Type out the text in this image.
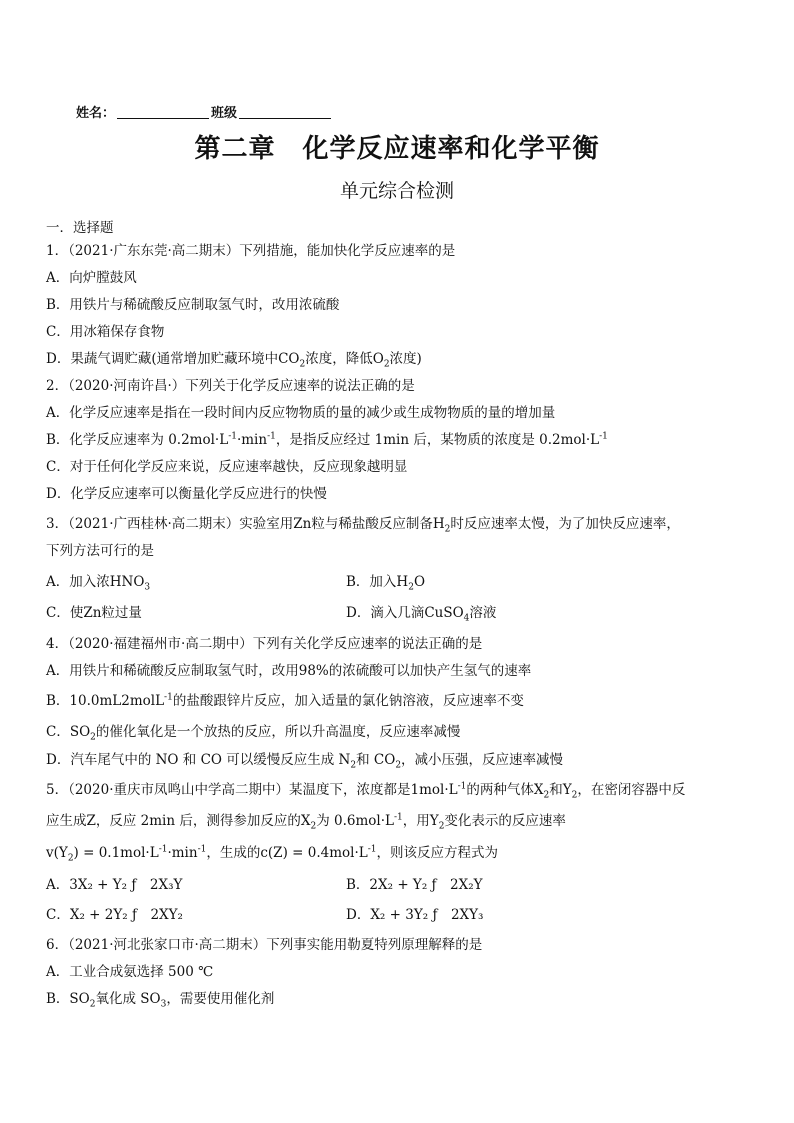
姓名：	班级
第二章　化学反应速率和化学平衡
单元综合检测
一．选择题
1．（2021·广东东莞·高二期末）下列措施，能加快化学反应速率的是
A．向炉膛鼓风
B．用铁片与稀硫酸反应制取氢气时，改用浓硫酸
C．用冰箱保存食物
D．果蔬气调贮藏(通常增加贮藏环境中$CO_2$浓度，降低$O_2$浓度)
2．（2020·河南许昌·）下列关于化学反应速率的说法正确的是
A．化学反应速率是指在一段时间内反应物物质的量的减少或生成物物质的量的增加量
B．化学反应速率为 $0.2mol\cdot L^{-1}\cdot\min^{-1}$，是指反应经过 1min 后，某物质的浓度是 $0.2mol\cdot L^{-1}$
C．对于任何化学反应来说，反应速率越快，反应现象越明显
D．化学反应速率可以衡量化学反应进行的快慢
3．（2021·广西桂林·高二期末）实验室用Zn粒与稀盐酸反应制备$H_2$时反应速率太慢，为了加快反应速率，
下列方法可行的是
A．加入浓$HNO_3$	B．加入$H_2O$
C．使Zn粒过量	D．滴入几滴CuSO$_4$溶液
4．（2020·福建福州市·高二期中）下列有关化学反应速率的说法正确的是
A．用铁片和稀硫酸反应制取氢气时，改用98%的浓硫酸可以加快产生氢气的速率
B．10.0mL2molL$^{-1}$的盐酸跟锌片反应，加入适量的氯化钠溶液，反应速率不变
C．$SO_2$的催化氧化是一个放热的反应，所以升高温度，反应速率减慢
D．汽车尾气中的 NO 和 CO 可以缓慢反应生成 $N_2$和 $CO_2$，减小压强，反应速率减慢
5．（2020·重庆市凤鸣山中学高二期中）某温度下，浓度都是$1mol\cdot L^{-1}$的两种气体$X_2$和$Y_2$，在密闭容器中反
应生成Z，反应 2min 后，测得参加反应的$X_2$为 $0.6mol\cdot L^{-1}$，用$Y_2$变化表示的反应速率
$v(Y_2) = 0.1mol\cdot L^{-1}\cdot\min^{-1}$，生成的$c(Z) = 0.4mol\cdot L^{-1}$，则该反应方程式为
A．3X₂ + Y₂ ƒ　2X₃Y	B．2X₂ + Y₂ ƒ　2X₂Y
C．X₂ + 2Y₂ ƒ　2XY₂	D．X₂ + 3Y₂ ƒ　2XY₃
6．（2021·河北张家口市·高二期末）下列事实能用勒夏特列原理解释的是
A．工业合成氨选择 500 ℃
B．$SO_2$氧化成 $SO_3$，需要使用催化剂
